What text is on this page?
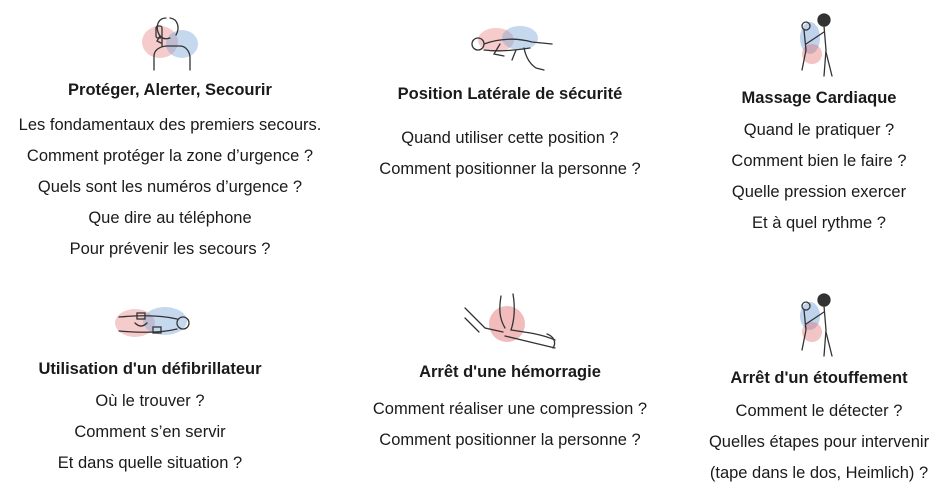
Protéger, Alerter, Secourir
Les fondamentaux des premiers secours.
Comment protéger la zone d’urgence ?
Quels sont les numéros d’urgence ?
Que dire au téléphone
Pour prévenir les secours ?
Position Latérale de sécurité
Quand utiliser cette position ?
Comment positionner la personne ?
Massage Cardiaque
Quand le pratiquer ?
Comment bien le faire ?
Quelle pression exercer
Et à quel rythme ?
Utilisation d'un défibrillateur
Où le trouver ?
Comment s’en servir
Et dans quelle situation ?
Arrêt d'une hémorragie
Comment réaliser une compression ?
Comment positionner la personne ?
Arrêt d'un étouffement
Comment le détecter ?
Quelles étapes pour intervenir
(tape dans le dos, Heimlich) ?
